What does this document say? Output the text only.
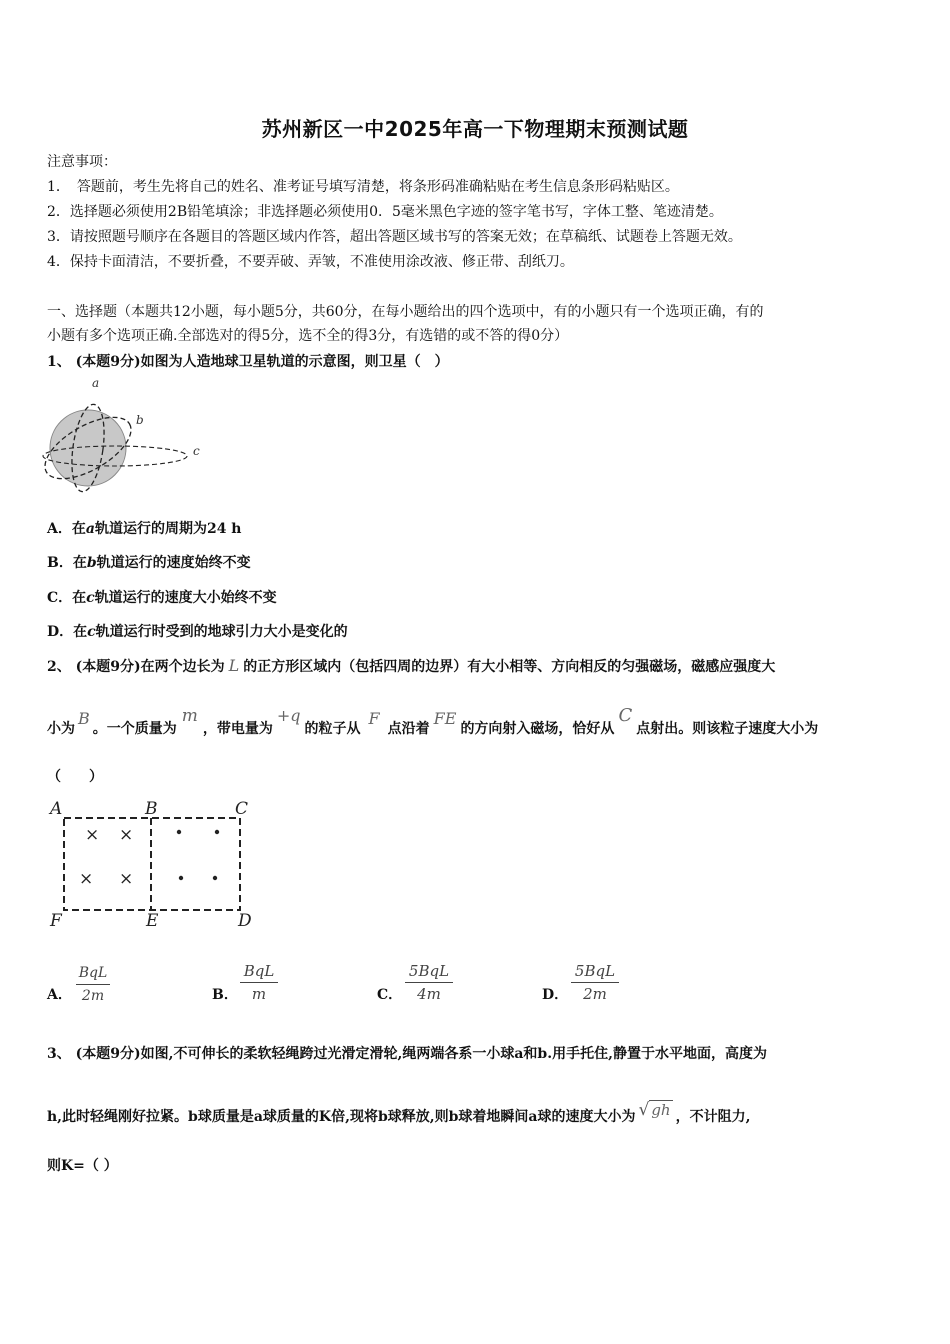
苏州新区一中2025年高一下物理期末预测试题
注意事项：
1．　答题前，考生先将自己的姓名、准考证号填写清楚，将条形码准确粘贴在考生信息条形码粘贴区。
2．选择题必须使用2B铅笔填涂；非选择题必须使用0．5毫米黑色字迹的签字笔书写，字体工整、笔迹清楚。
3．请按照题号顺序在各题目的答题区域内作答，超出答题区域书写的答案无效；在草稿纸、试题卷上答题无效。
4．保持卡面清洁，不要折叠，不要弄破、弄皱，不准使用涂改液、修正带、刮纸刀。
一、选择题（本题共12小题，每小题5分，共60分，在每小题给出的四个选项中，有的小题只有一个选项正确，有的
小题有多个选项正确.全部选对的得5分，选不全的得3分，有选错的或不答的得0分）
1、 (本题9分)如图为人造地球卫星轨道的示意图，则卫星（　）
a
b
c
A．在a轨道运行的周期为24 h
B．在b轨道运行的速度始终不变
C．在c轨道运行的速度大小始终不变
D．在c轨道运行时受到的地球引力大小是变化的
2、 (本题9分)在两个边长为 L 的正方形区域内（包括四周的边界）有大小相等、方向相反的匀强磁场，磁感应强度大
小为B。一个质量为m，带电量为+q的粒子从F点沿着FE的方向射入磁场，恰好从C点射出。则该粒子速度大小为
（　　）
× ×
× ×
A	B	C
D
E
F
A．
BqL
2m	B．
BqL
m	C．
5BqL
4m	D．
5BqL
2m
3、 (本题9分)如图,不可伸长的柔软轻绳跨过光滑定滑轮,绳两端各系一小球a和b.用手托住,静置于水平地面，高度为
h,此时轻绳刚好拉紧。b球质量是a球质量的K倍,现将b球释放,则b球着地瞬间a球的速度大小为 √ gh ，不计阻力,
则K=（ ）
